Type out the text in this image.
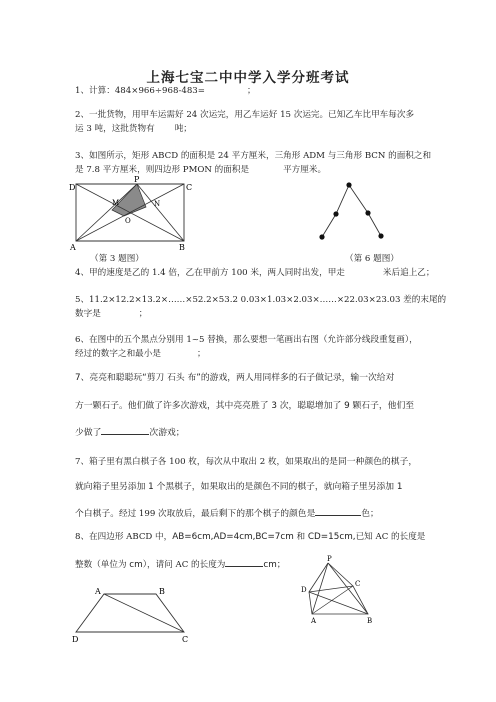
上海七宝二中中学入学分班考试
1、计算：484×966÷968-483=	；
2、一批货物，用甲车运需好 24 次运完，用乙车运好 15 次运完。已知乙车比甲车每次多
运 3 吨，这批货物有 吨；
3、如图所示，矩形 ABCD 的面积是 24 平方厘米，三角形 ADM 与三角形 BCN 的面积之和
是 7.8 平方厘米，则四边形 PMON 的面积是	平方厘米。
D
P
C
M	N
O
A	B
（第 3 题图）	（第 6 题图）
4、甲的速度是乙的 1.4 倍，乙在甲前方 100 米，两人同时出发，甲走	米后追上乙；
5、11.2×12.2×13.2×……×52.2×53.2 0.03×1.03×2.03×……×22.03×23.03 差的末尾的
数字是	；
6、在图中的五个黑点分别用 1~5 替换，那么要想一笔画出右图（允许部分线段重复画），
经过的数字之和最小是	；
7、亮亮和聪聪玩“剪刀 石头 布”的游戏，两人用同样多的石子做记录，输一次给对
方一颗石子。他们做了许多次游戏，其中亮亮胜了 3 次，聪聪增加了 9 颗石子，他们至
少做了	次游戏；
7、箱子里有黑白棋子各 100 枚，每次从中取出 2 枚，如果取出的是同一种颜色的棋子，
就向箱子里另添加 1 个黑棋子，如果取出的是颜色不同的棋子，就向箱子里另添加 1
个白棋子。经过 199 次取放后，最后剩下的那个棋子的颜色是	色；
8、在四边形 ABCD 中，AB=6cm,AD=4cm,BC=7cm 和 CD=15cm,已知 AC 的长度是
整数（单位为 cm），请问 AC 的长度为	cm；
A	B
D	C
P
D
C
A	B
